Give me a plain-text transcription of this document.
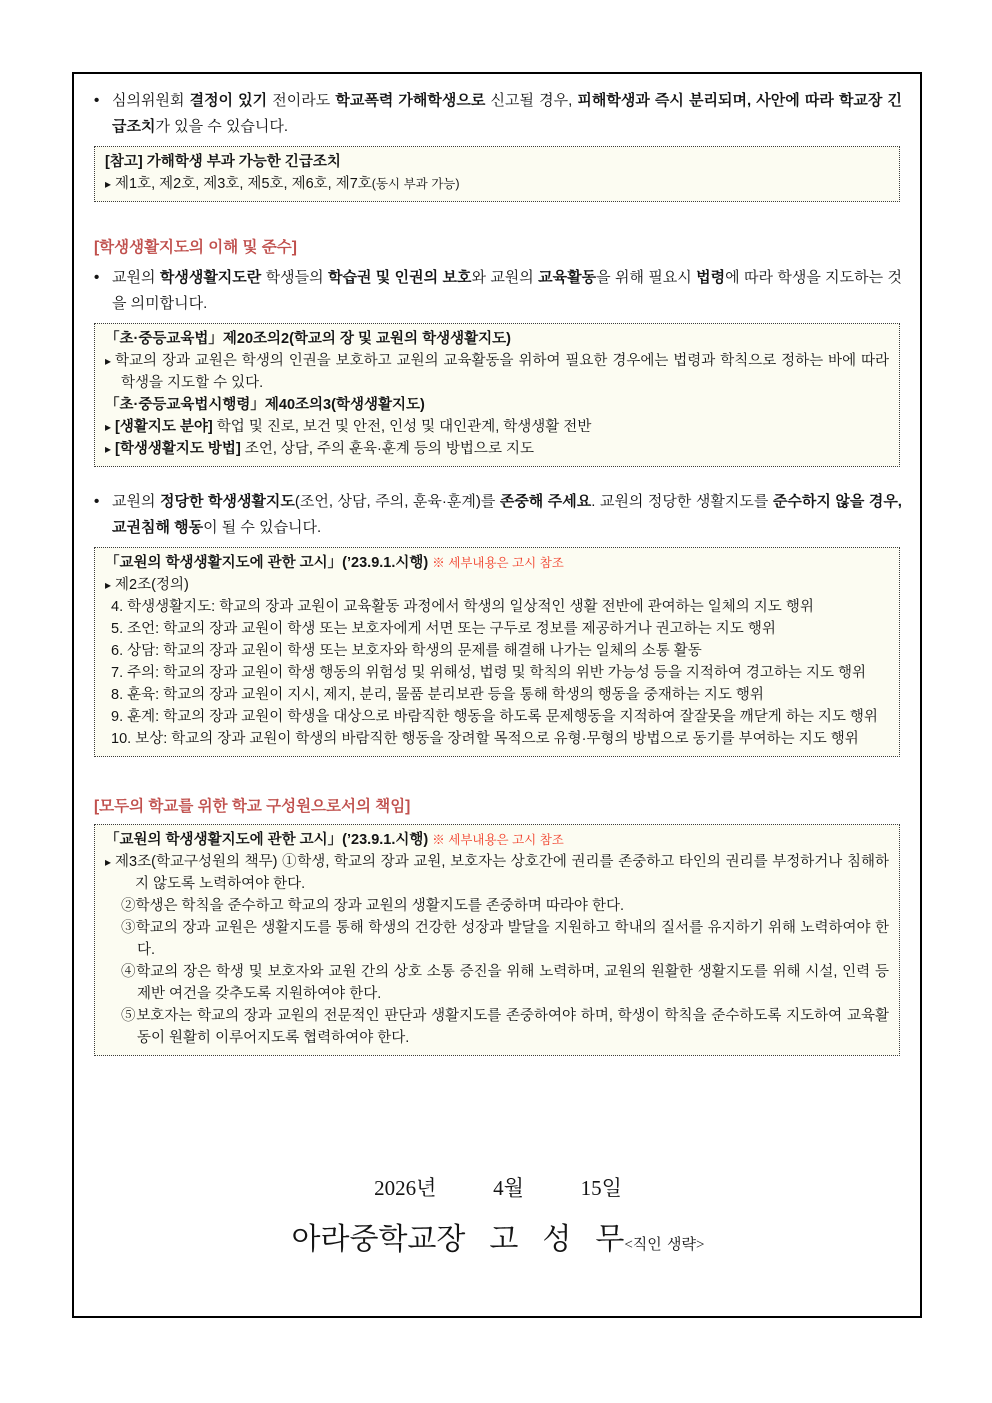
• 심의위원회 결정이 있기 전이라도 학교폭력 가해학생으로 신고될 경우, 피해학생과 즉시 분리되며, 사안에 따라 학교장 긴급조치가 있을 수 있습니다.

[참고] 가해학생 부과 가능한 긴급조치
▸ 제1호, 제2호, 제3호, 제5호, 제6호, 제7호(동시 부과 가능)
[학생생활지도의 이해 및 준수]

• 교원의 학생생활지도란 학생들의 학습권 및 인권의 보호와 교원의 교육활동을 위해 필요시 법령에 따라 학생을 지도하는 것을 의미합니다.

「초·중등교육법」제20조의2(학교의 장 및 교원의 학생생활지도)
▸ 학교의 장과 교원은 학생의 인권을 보호하고 교원의 교육활동을 위하여 필요한 경우에는 법령과 학칙으로 정하는 바에 따라 학생을 지도할 수 있다.
「초·중등교육법시행령」제40조의3(학생생활지도)
▸ [생활지도 분야] 학업 및 진로, 보건 및 안전, 인성 및 대인관계, 학생생활 전반
▸ [학생생활지도 방법] 조언, 상담, 주의 훈육·훈계 등의 방법으로 지도

• 교원의 정당한 학생생활지도(조언, 상담, 주의, 훈육·훈계)를 존중해 주세요. 교원의 정당한 생활지도를 준수하지 않을 경우, 교권침해 행동이 될 수 있습니다.

「교원의 학생생활지도에 관한 고시」(’23.9.1.시행) ※ 세부내용은 고시 참조
▸ 제2조(정의)
4. 학생생활지도: 학교의 장과 교원이 교육활동 과정에서 학생의 일상적인 생활 전반에 관여하는 일체의 지도 행위
5. 조언: 학교의 장과 교원이 학생 또는 보호자에게 서면 또는 구두로 정보를 제공하거나 권고하는 지도 행위
6. 상담: 학교의 장과 교원이 학생 또는 보호자와 학생의 문제를 해결해 나가는 일체의 소통 활동
7. 주의: 학교의 장과 교원이 학생 행동의 위험성 및 위해성, 법령 및 학칙의 위반 가능성 등을 지적하여 경고하는 지도 행위
8. 훈육: 학교의 장과 교원이 지시, 제지, 분리, 물품 분리보관 등을 통해 학생의 행동을 중재하는 지도 행위
9. 훈계: 학교의 장과 교원이 학생을 대상으로 바람직한 행동을 하도록 문제행동을 지적하여 잘잘못을 깨닫게 하는 지도 행위
10. 보상: 학교의 장과 교원이 학생의 바람직한 행동을 장려할 목적으로 유형·무형의 방법으로 동기를 부여하는 지도 행위
[모두의 학교를 위한 학교 구성원으로서의 책임]
「교원의 학생생활지도에 관한 고시」(’23.9.1.시행) ※ 세부내용은 고시 참조
▸ 제3조(학교구성원의 책무) ①학생, 학교의 장과 교원, 보호자는 상호간에 권리를 존중하고 타인의 권리를 부정하거나 침해하지 않도록 노력하여야 한다.
②학생은 학칙을 준수하고 학교의 장과 교원의 생활지도를 존중하며 따라야 한다.
③학교의 장과 교원은 생활지도를 통해 학생의 건강한 성장과 발달을 지원하고 학내의 질서를 유지하기 위해 노력하여야 한다.
④학교의 장은 학생 및 보호자와 교원 간의 상호 소통 증진을 위해 노력하며, 교원의 원활한 생활지도를 위해 시설, 인력 등 제반 여건을 갖추도록 지원하여야 한다.
⑤보호자는 학교의 장과 교원의 전문적인 판단과 생활지도를 존중하여야 하며, 학생이 학칙을 준수하도록 지도하여 교육활동이 원활히 이루어지도록 협력하여야 한다.
2026년  4월  15일
아라중학교장 고 성 무<직인 생략>
